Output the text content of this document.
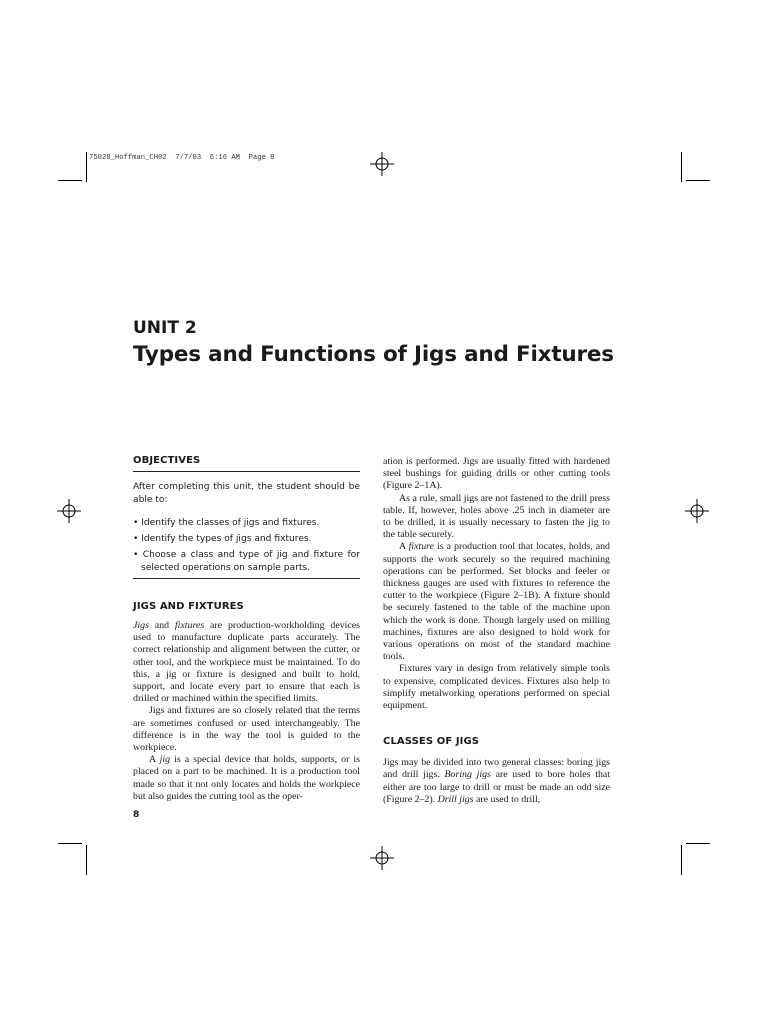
75028_Hoffman_CH02  7/7/03  6:16 AM  Page 8
UNIT 2
Types and Functions of Jigs and Fixtures
OBJECTIVES

After completing this unit, the student should be able to:

• Identify the classes of jigs and fixtures.
• Identify the types of jigs and fixtures.
• Choose a class and type of jig and fixture for selected operations on sample parts.
JIGS AND FIXTURES

Jigs and fixtures are production-workholding devices used to manufacture duplicate parts accurately. The correct relationship and alignment between the cutter, or other tool, and the workpiece must be maintained. To do this, a jig or fixture is designed and built to hold, support, and locate every part to ensure that each is drilled or machined within the specified limits.

Jigs and fixtures are so closely related that the terms are sometimes confused or used interchangeably. The difference is in the way the tool is guided to the workpiece.

A jig is a special device that holds, supports, or is placed on a part to be machined. It is a production tool made so that it not only locates and holds the workpiece but also guides the cutting tool as the oper-

ation is performed. Jigs are usually fitted with hardened steel bushings for guiding drills or other cutting tools (Figure 2–1A).

As a rule, small jigs are not fastened to the drill press table. If, however, holes above .25 inch in diameter are to be drilled, it is usually necessary to fasten the jig to the table securely.

A fixture is a production tool that locates, holds, and supports the work securely so the required machining operations can be performed. Set blocks and feeler or thickness gauges are used with fixtures to reference the cutter to the workpiece (Figure 2–1B). A fixture should be securely fastened to the table of the machine upon which the work is done. Though largely used on milling machines, fixtures are also designed to hold work for various operations on most of the standard machine tools.

Fixtures vary in design from relatively simple tools to expensive, complicated devices. Fixtures also help to simplify metalworking operations performed on special equipment.

CLASSES OF JIGS

Jigs may be divided into two general classes: boring jigs and drill jigs. Boring jigs are used to bore holes that either are too large to drill or must be made an odd size (Figure 2–2). Drill jigs are used to drill,

8
